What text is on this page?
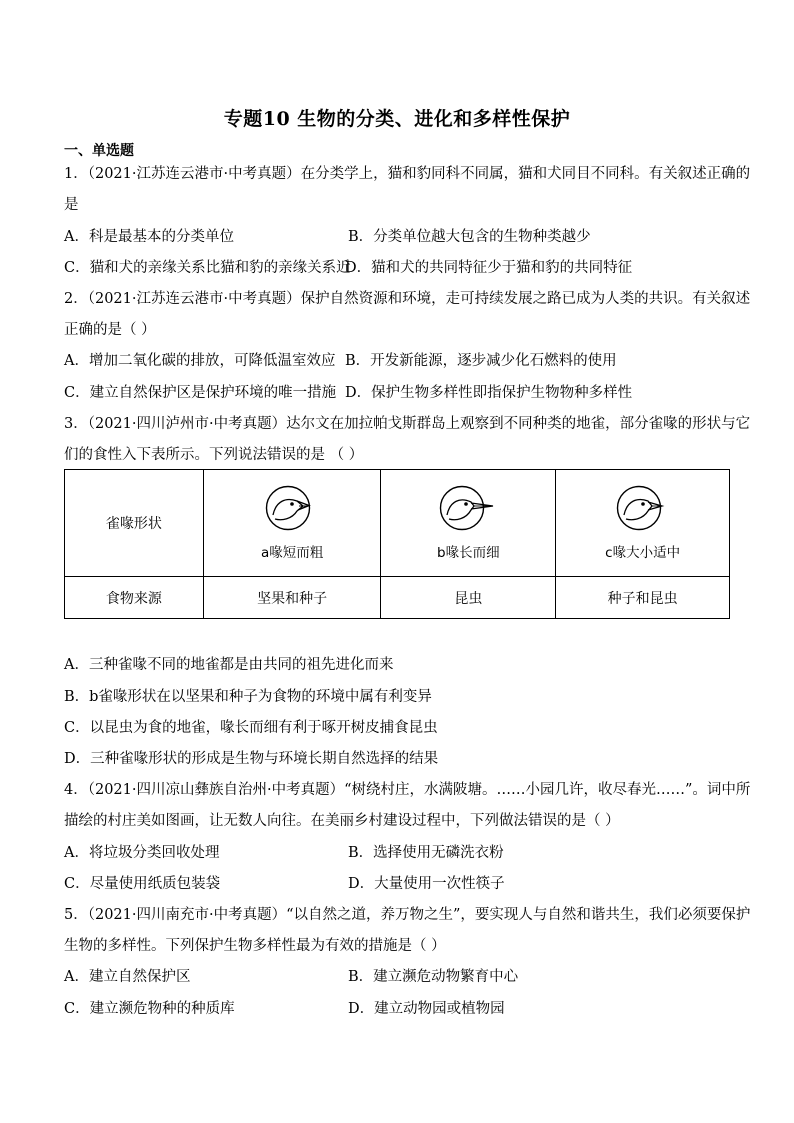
专题10 生物的分类、进化和多样性保护
一、单选题
1．（2021·江苏连云港市·中考真题）在分类学上，猫和豹同科不同属，猫和犬同目不同科。有关叙述正确的
是
A．科是最基本的分类单位	B．分类单位越大包含的生物种类越少
C．猫和犬的亲缘关系比猫和豹的亲缘关系近
D．猫和犬的共同特征少于猫和豹的共同特征
2．（2021·江苏连云港市·中考真题）保护自然资源和环境，走可持续发展之路已成为人类的共识。有关叙述
正确的是（ ）
A．增加二氧化碳的排放，可降低温室效应 B．开发新能源，逐步减少化石燃料的使用
C．建立自然保护区是保护环境的唯一措施 D．保护生物多样性即指保护生物物种多样性
3．（2021·四川泸州市·中考真题）达尔文在加拉帕戈斯群岛上观察到不同种类的地雀，部分雀喙的形状与它
们的食性入下表所示。下列说法错误的是 （ ）
雀喙形状	a喙短而粗	b喙长而细	c喙大小适中

食物来源	坚果和种子	昆虫	种子和昆虫
A．三种雀喙不同的地雀都是由共同的祖先进化而来
B．b雀喙形状在以坚果和种子为食物的环境中属有利变异
C．以昆虫为食的地雀，喙长而细有利于啄开树皮捕食昆虫
D．三种雀喙形状的形成是生物与环境长期自然选择的结果
4．（2021·四川凉山彝族自治州·中考真题）“树绕村庄，水满陂塘。……小园几许，收尽春光……”。词中所
描绘的村庄美如图画，让无数人向往。在美丽乡村建设过程中，下列做法错误的是（ ）
A．将垃圾分类回收处理	B．选择使用无磷洗衣粉
C．尽量使用纸质包装袋	D．大量使用一次性筷子
5．（2021·四川南充市·中考真题）“以自然之道，养万物之生”，要实现人与自然和谐共生，我们必须要保护
生物的多样性。下列保护生物多样性最为有效的措施是（ ）
A．建立自然保护区	B．建立濒危动物繁育中心
C．建立濒危物种的种质库	D．建立动物园或植物园
